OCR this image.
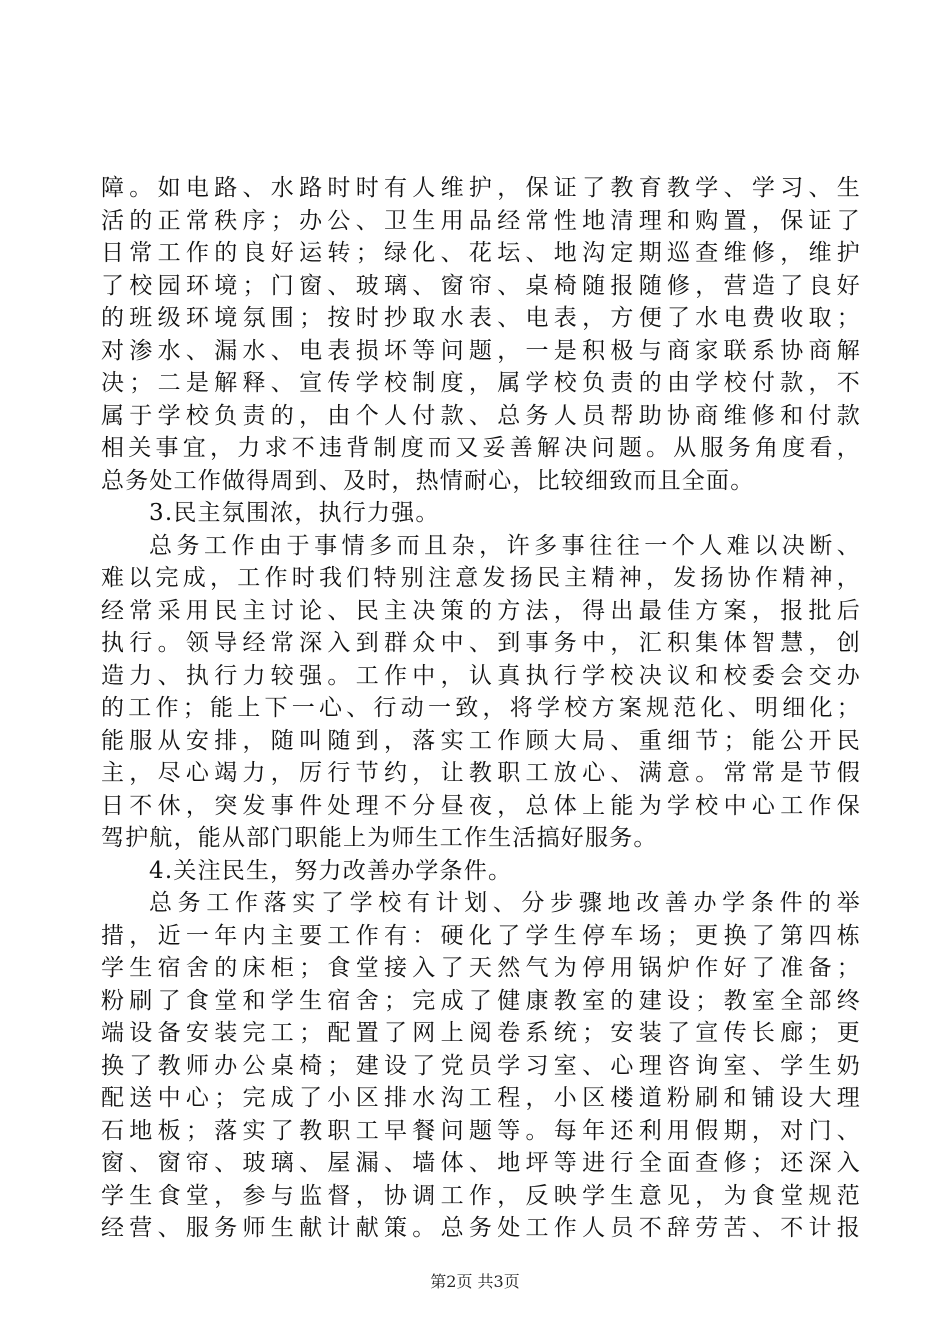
障。如电路、水路时时有人维护，保证了教育教学、学习、生
活的正常秩序；办公、卫生用品经常性地清理和购置，保证了
日常工作的良好运转；绿化、花坛、地沟定期巡查维修，维护
了校园环境；门窗、玻璃、窗帘、桌椅随报随修，营造了良好
的班级环境氛围；按时抄取水表、电表，方便了水电费收取；
对渗水、漏水、电表损坏等问题，一是积极与商家联系协商解
决；二是解释、宣传学校制度，属学校负责的由学校付款，不
属于学校负责的，由个人付款、总务人员帮助协商维修和付款
相关事宜，力求不违背制度而又妥善解决问题。从服务角度看，
总务处工作做得周到、及时，热情耐心，比较细致而且全面。
3.民主氛围浓，执行力强。
总务工作由于事情多而且杂，许多事往往一个人难以决断、
难以完成，工作时我们特别注意发扬民主精神，发扬协作精神，
经常采用民主讨论、民主决策的方法，得出最佳方案，报批后
执行。领导经常深入到群众中、到事务中，汇积集体智慧，创
造力、执行力较强。工作中，认真执行学校决议和校委会交办
的工作；能上下一心、行动一致，将学校方案规范化、明细化；
能服从安排，随叫随到，落实工作顾大局、重细节；能公开民
主，尽心竭力，厉行节约，让教职工放心、满意。常常是节假
日不休，突发事件处理不分昼夜，总体上能为学校中心工作保
驾护航，能从部门职能上为师生工作生活搞好服务。
4.关注民生，努力改善办学条件。
总务工作落实了学校有计划、分步骤地改善办学条件的举
措，近一年内主要工作有：硬化了学生停车场；更换了第四栋
学生宿舍的床柜；食堂接入了天然气为停用锅炉作好了准备；
粉刷了食堂和学生宿舍；完成了健康教室的建设；教室全部终
端设备安装完工；配置了网上阅卷系统；安装了宣传长廊；更
换了教师办公桌椅；建设了党员学习室、心理咨询室、学生奶
配送中心；完成了小区排水沟工程，小区楼道粉刷和铺设大理
石地板；落实了教职工早餐问题等。每年还利用假期，对门、
窗、窗帘、玻璃、屋漏、墙体、地坪等进行全面查修；还深入
学生食堂，参与监督，协调工作，反映学生意见，为食堂规范
经营、服务师生献计献策。总务处工作人员不辞劳苦、不计报
第2页 共3页
